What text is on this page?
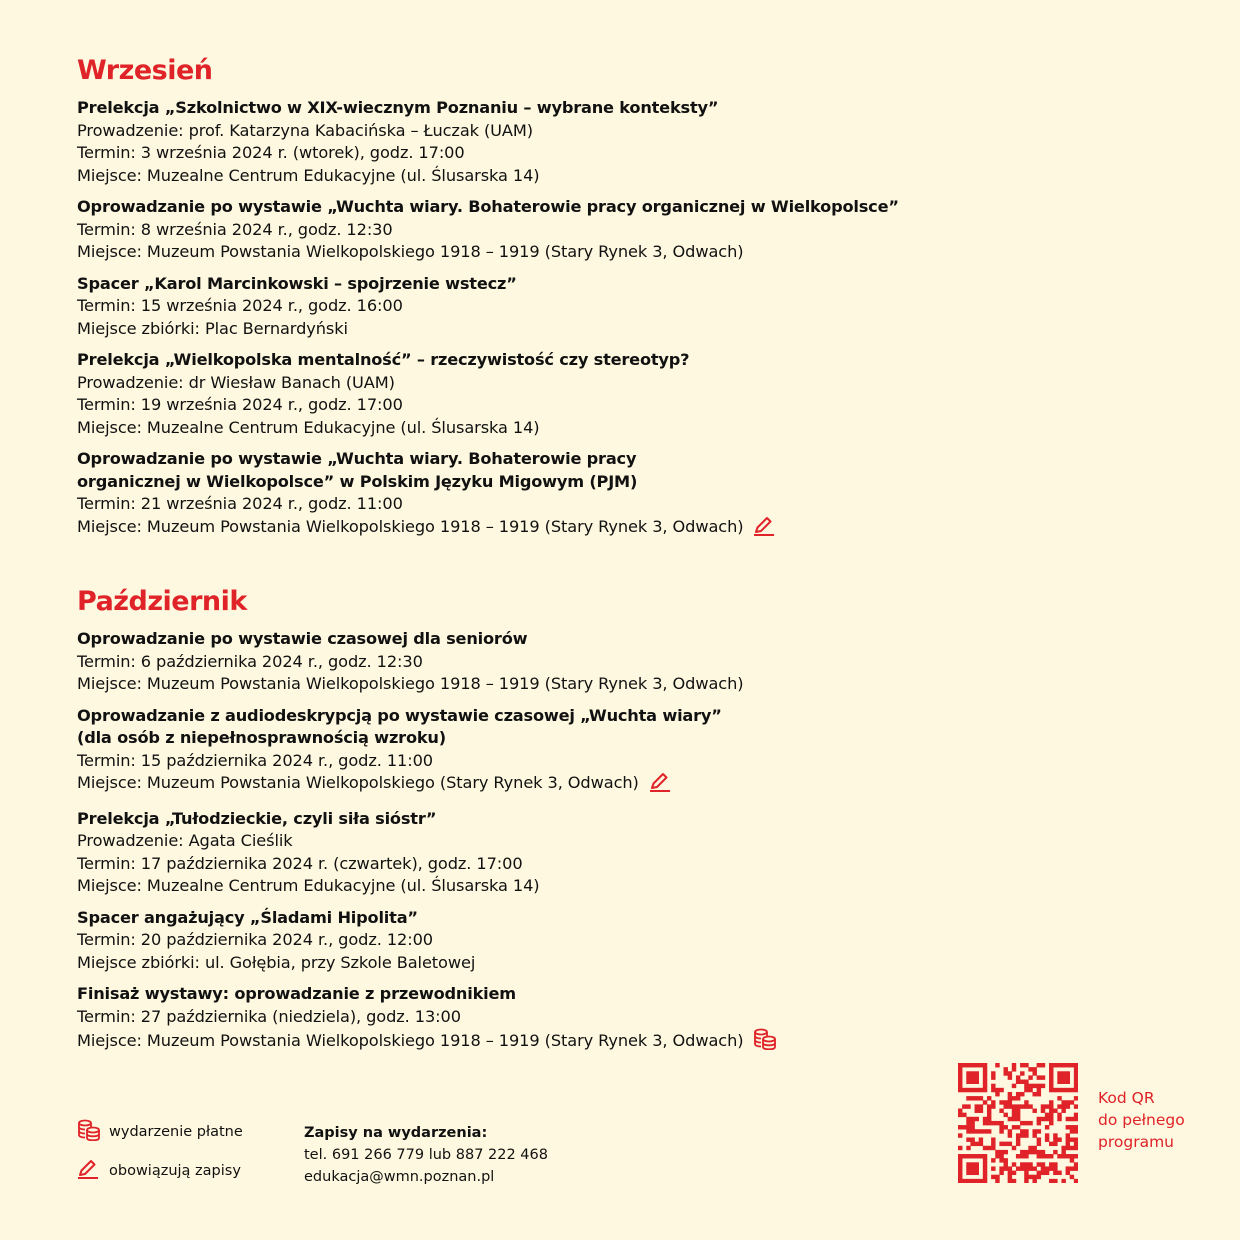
Wrzesień
Prelekcja „Szkolnictwo w XIX-wiecznym Poznaniu – wybrane konteksty”
Prowadzenie: prof. Katarzyna Kabacińska – Łuczak (UAM)
Termin: 3 września 2024 r. (wtorek), godz. 17:00
Miejsce: Muzealne Centrum Edukacyjne (ul. Ślusarska 14)
Oprowadzanie po wystawie „Wuchta wiary. Bohaterowie pracy organicznej w Wielkopolsce”
Termin: 8 września 2024 r., godz. 12:30
Miejsce: Muzeum Powstania Wielkopolskiego 1918 – 1919 (Stary Rynek 3, Odwach)
Spacer „Karol Marcinkowski – spojrzenie wstecz”
Termin: 15 września 2024 r., godz. 16:00
Miejsce zbiórki: Plac Bernardyński
Prelekcja „Wielkopolska mentalność” – rzeczywistość czy stereotyp?
Prowadzenie: dr Wiesław Banach (UAM)
Termin: 19 września 2024 r., godz. 17:00
Miejsce: Muzealne Centrum Edukacyjne (ul. Ślusarska 14)
Oprowadzanie po wystawie „Wuchta wiary. Bohaterowie pracy
organicznej w Wielkopolsce” w Polskim Języku Migowym (PJM)
Termin: 21 września 2024 r., godz. 11:00
Miejsce: Muzeum Powstania Wielkopolskiego 1918 – 1919 (Stary Rynek 3, Odwach)
Październik
Oprowadzanie po wystawie czasowej dla seniorów
Termin: 6 października 2024 r., godz. 12:30
Miejsce: Muzeum Powstania Wielkopolskiego 1918 – 1919 (Stary Rynek 3, Odwach)
Oprowadzanie z audiodeskrypcją po wystawie czasowej „Wuchta wiary”
(dla osób z niepełnosprawnością wzroku)
Termin: 15 października 2024 r., godz. 11:00
Miejsce: Muzeum Powstania Wielkopolskiego (Stary Rynek 3, Odwach)
Prelekcja „Tułodzieckie, czyli siła sióstr”
Prowadzenie: Agata Cieślik
Termin: 17 października 2024 r. (czwartek), godz. 17:00
Miejsce: Muzealne Centrum Edukacyjne (ul. Ślusarska 14)
Spacer angażujący „Śladami Hipolita”
Termin: 20 października 2024 r., godz. 12:00
Miejsce zbiórki: ul. Gołębia, przy Szkole Baletowej
Finisaż wystawy: oprowadzanie z przewodnikiem
Termin: 27 października (niedziela), godz. 13:00
Miejsce: Muzeum Powstania Wielkopolskiego 1918 – 1919 (Stary Rynek 3, Odwach)
wydarzenie płatne
obowiązują zapisy
Zapisy na wydarzenia:
tel. 691 266 779 lub 887 222 468
edukacja@wmn.poznan.pl
Kod QR
do pełnego
programu
